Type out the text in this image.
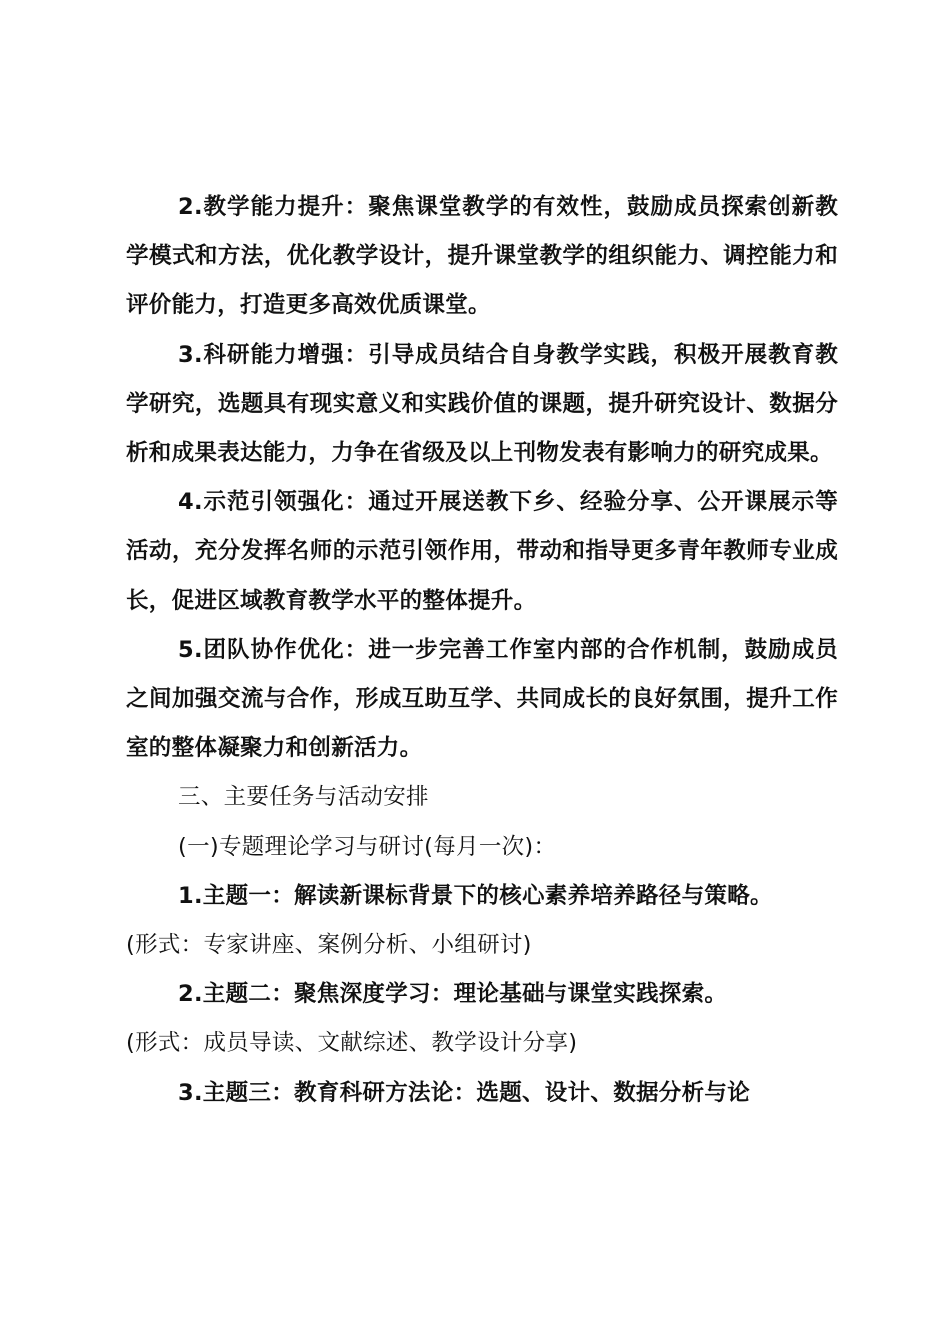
2.教学能力提升：聚焦课堂教学的有效性，鼓励成员探索创新教学模式和方法，优化教学设计，提升课堂教学的组织能力、调控能力和评价能力，打造更多高效优质课堂。

3.科研能力增强：引导成员结合自身教学实践，积极开展教育教学研究，选题具有现实意义和实践价值的课题，提升研究设计、数据分析和成果表达能力，力争在省级及以上刊物发表有影响力的研究成果。

4.示范引领强化：通过开展送教下乡、经验分享、公开课展示等活动，充分发挥名师的示范引领作用，带动和指导更多青年教师专业成长，促进区域教育教学水平的整体提升。

5.团队协作优化：进一步完善工作室内部的合作机制，鼓励成员之间加强交流与合作，形成互助互学、共同成长的良好氛围，提升工作室的整体凝聚力和创新活力。

三、主要任务与活动安排

(一)专题理论学习与研讨(每月一次)：

1.主题一：解读新课标背景下的核心素养培养路径与策略。

(形式：专家讲座、案例分析、小组研讨)

2.主题二：聚焦深度学习：理论基础与课堂实践探索。

(形式：成员导读、文献综述、教学设计分享)

3.主题三：教育科研方法论：选题、设计、数据分析与论
